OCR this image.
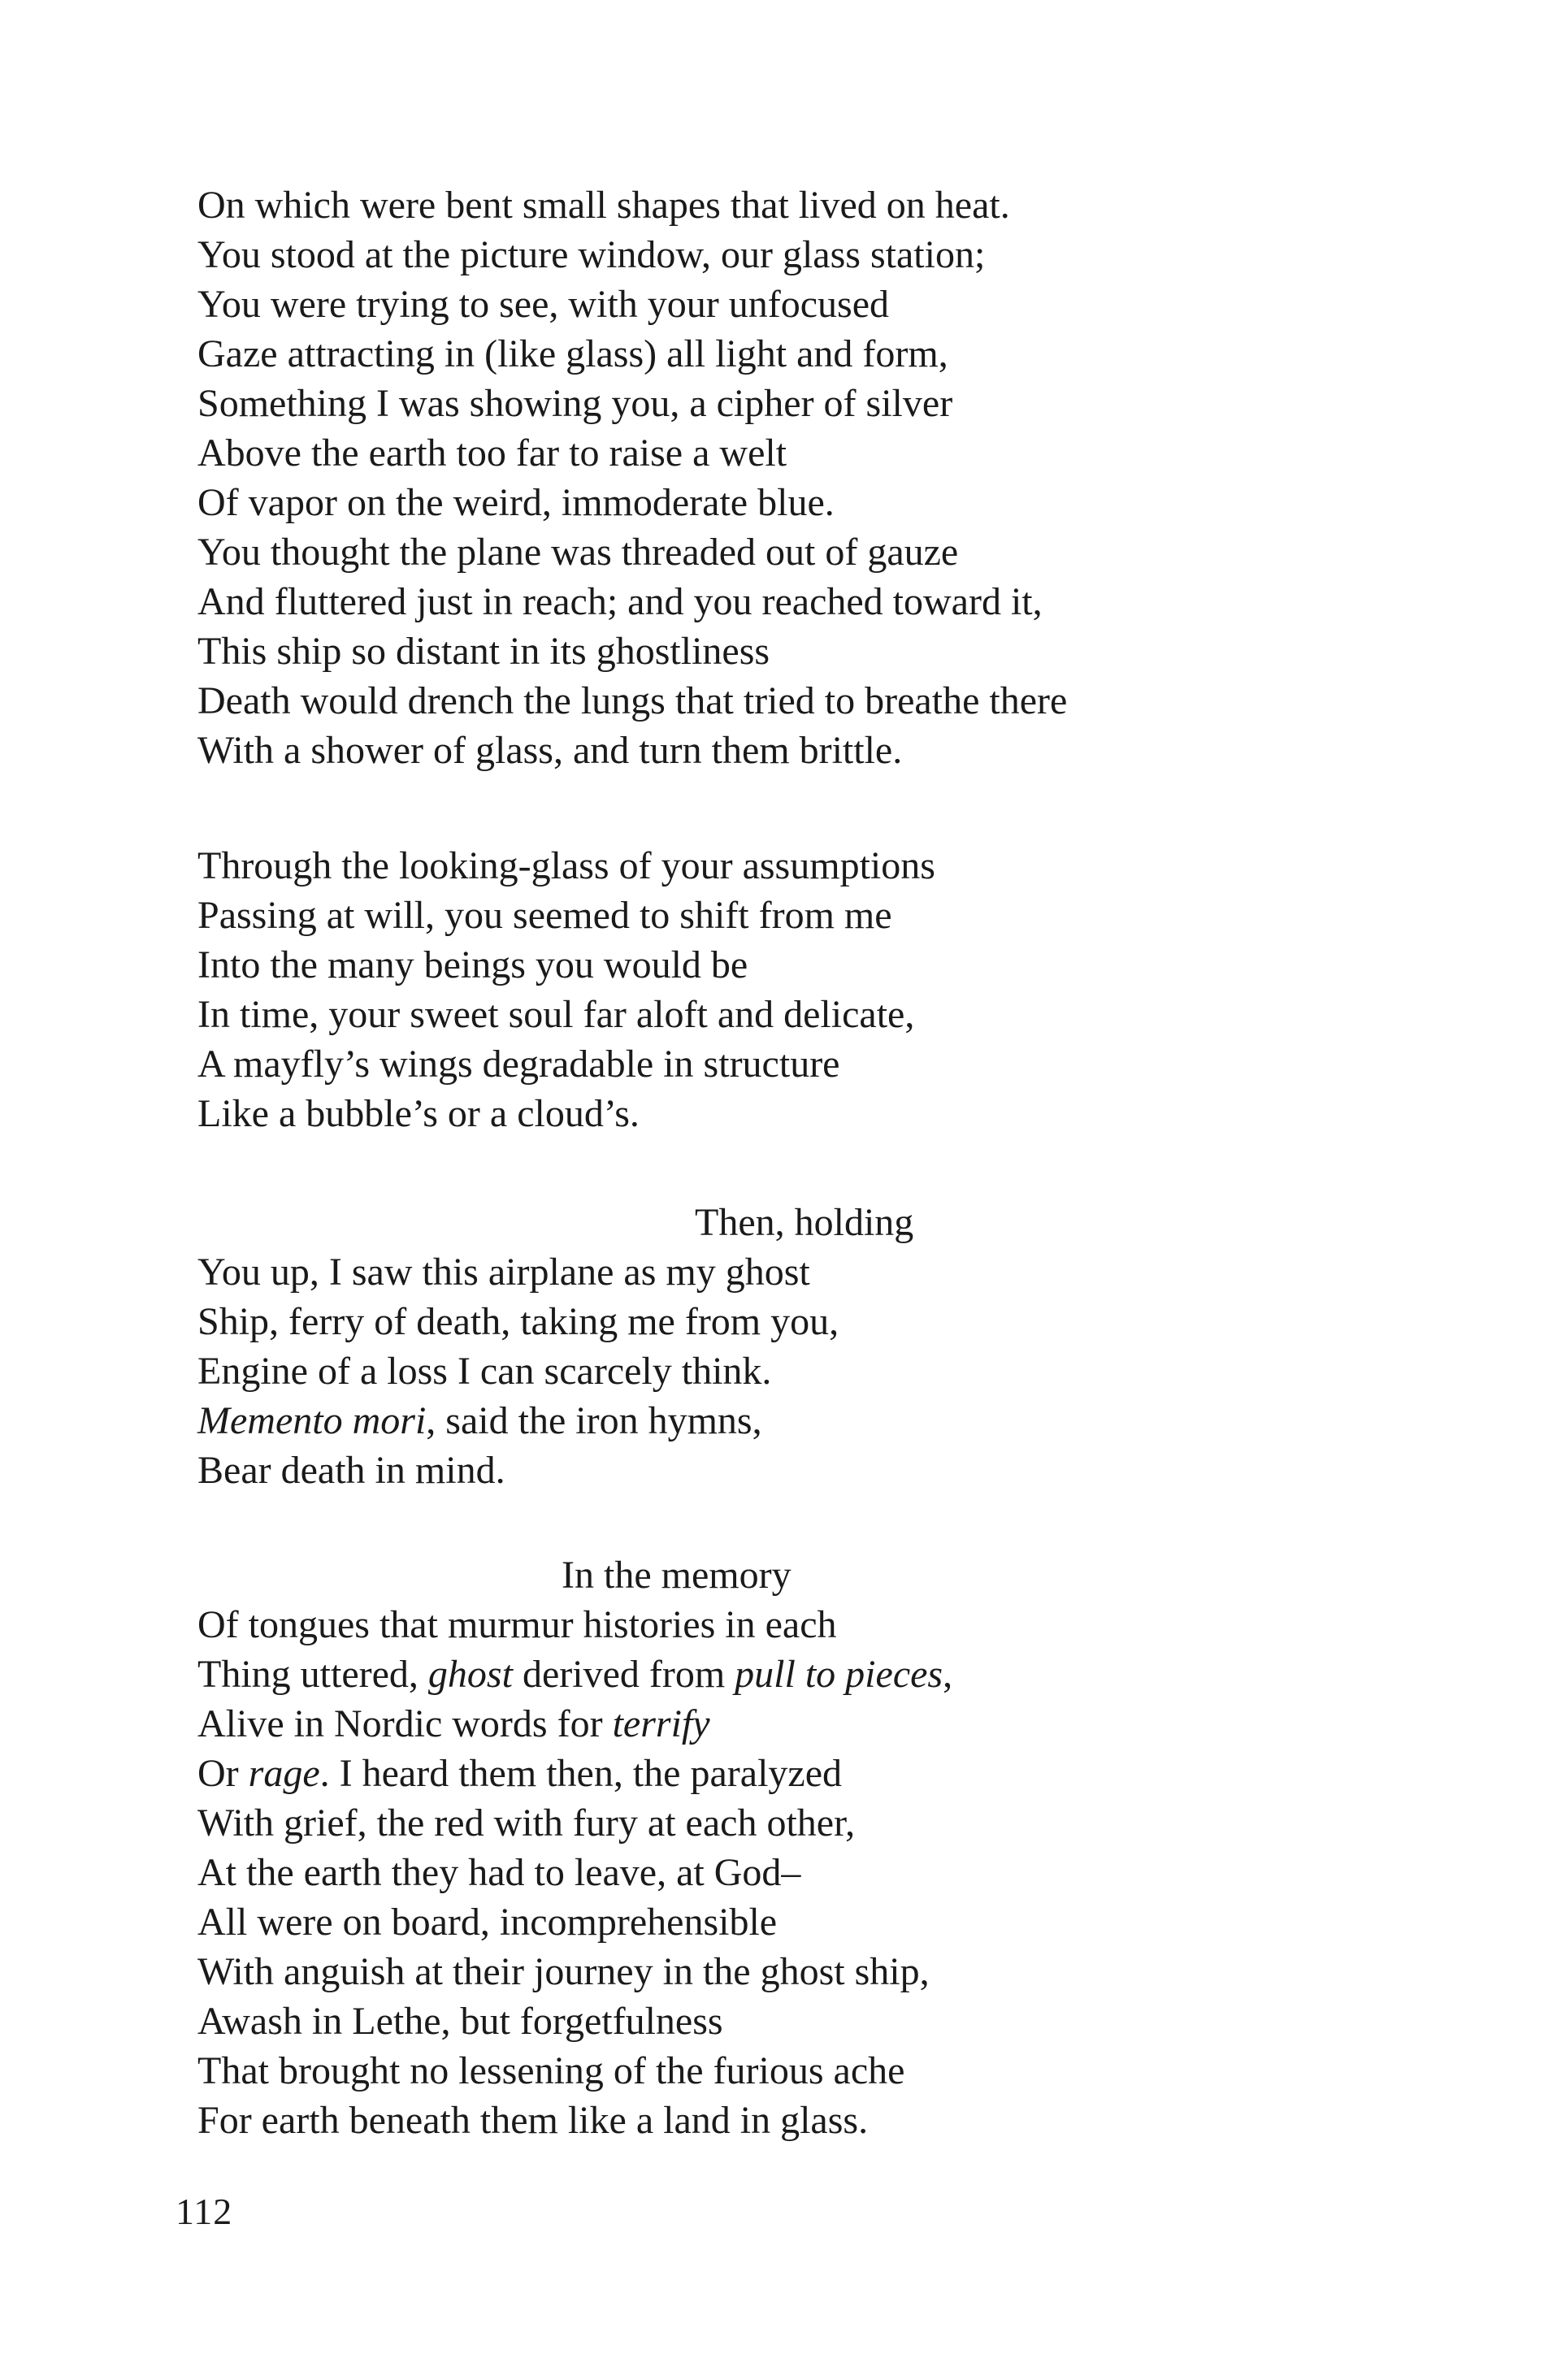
On which were bent small shapes that lived on heat.
You stood at the picture window, our glass station;
You were trying to see, with your unfocused
Gaze attracting in (like glass) all light and form,
Something I was showing you, a cipher of silver
Above the earth too far to raise a welt
Of vapor on the weird, immoderate blue.
You thought the plane was threaded out of gauze
And fluttered just in reach; and you reached toward it,
This ship so distant in its ghostliness
Death would drench the lungs that tried to breathe there
With a shower of glass, and turn them brittle.
Through the looking-glass of your assumptions
Passing at will, you seemed to shift from me
Into the many beings you would be
In time, your sweet soul far aloft and delicate,
A mayfly’s wings degradable in structure
Like a bubble’s or a cloud’s.
Then, holding
You up, I saw this airplane as my ghost
Ship, ferry of death, taking me from you,
Engine of a loss I can scarcely think.
Memento mori, said the iron hymns,
Bear death in mind.
In the memory
Of tongues that murmur histories in each
Thing uttered, ghost derived from pull to pieces,
Alive in Nordic words for terrify
Or rage. I heard them then, the paralyzed
With grief, the red with fury at each other,
At the earth they had to leave, at God–
All were on board, incomprehensible
With anguish at their journey in the ghost ship,
Awash in Lethe, but forgetfulness
That brought no lessening of the furious ache
For earth beneath them like a land in glass.
112
